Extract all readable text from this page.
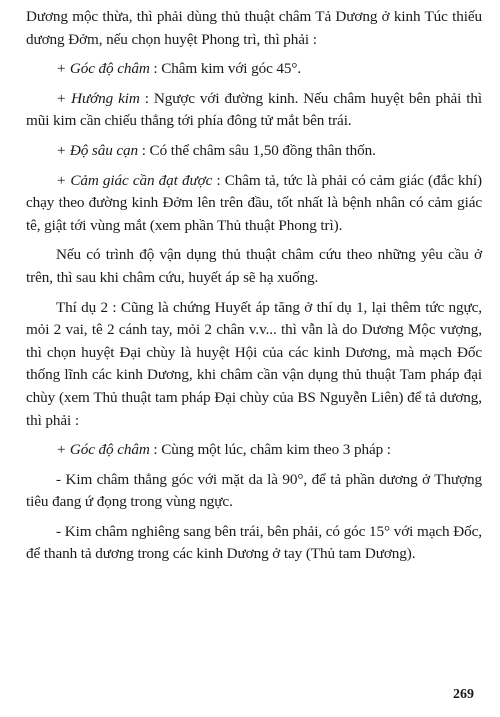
Dương mộc thừa, thì phải dùng thủ thuật châm Tả Dương ở kinh Túc thiếu dương Đởm, nếu chọn huyệt Phong trì, thì phải :

+ Góc độ châm : Châm kim với góc 45°.

+ Hướng kim : Ngược với đường kinh. Nếu châm huyệt bên phải thì mũi kim cần chiếu thẳng tới phía đông tử mắt bên trái.

+ Độ sâu cạn : Có thể châm sâu 1,50 đồng thân thốn.

+ Cảm giác cần đạt được : Châm tả, tức là phải có cảm giác (đắc khí) chạy theo đường kinh Đởm lên trên đầu, tốt nhất là bệnh nhân có cảm giác tê, giật tới vùng mắt (xem phần Thủ thuật Phong trì).

Nếu có trình độ vận dụng thủ thuật châm cứu theo những yêu cầu ở trên, thì sau khi châm cứu, huyết áp sẽ hạ xuống.

Thí dụ 2 : Cũng là chứng Huyết áp tăng ở thí dụ 1, lại thêm tức ngực, mỏi 2 vai, tê 2 cánh tay, mỏi 2 chân v.v... thì vẫn là do Dương Mộc vượng, thì chọn huyệt Đại chùy là huyệt Hội của các kinh Dương, mà mạch Đốc thống lĩnh các kinh Dương, khi châm cần vận dụng thủ thuật Tam pháp đại chùy (xem Thủ thuật tam pháp Đại chùy của BS Nguyễn Liên) để tả dương, thì phải :

+ Góc độ châm : Cùng một lúc, châm kim theo 3 pháp :

- Kim châm thẳng góc với mặt da là 90°, để tả phần dương ở Thượng tiêu đang ứ đọng trong vùng ngực.

- Kim châm nghiêng sang bên trái, bên phải, có góc 15° với mạch Đốc, để thanh tả dương trong các kinh Dương ở tay (Thủ tam Dương).

269
